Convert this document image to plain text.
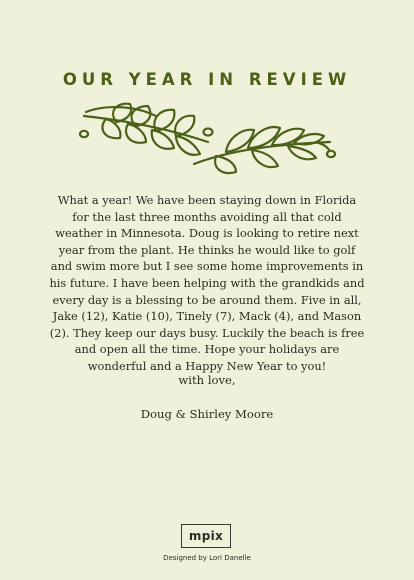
OUR YEAR IN REVIEW
What a year! We have been staying down in Florida for the last three months avoiding all that cold weather in Minnesota. Doug is looking to retire next year from the plant. He thinks he would like to golf and swim more but I see some home improvements in his future. I have been helping with the grandkids and every day is a blessing to be around them. Five in all, Jake (12), Katie (10), Tinely (7), Mack (4), and Mason (2). They keep our days busy. Luckily the beach is free and open all the time. Hope your holidays are wonderful and a Happy New Year to you!
with love,
Doug & Shirley Moore
mpix
Designed by Lori Danelle
